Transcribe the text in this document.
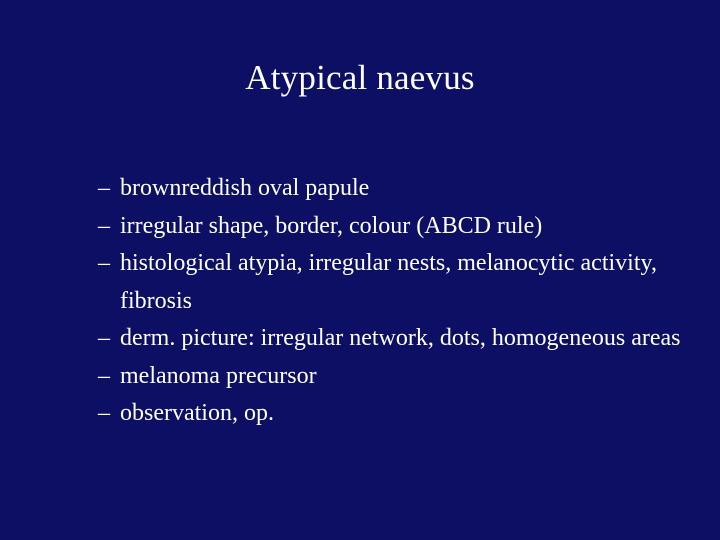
Atypical naevus
– brownreddish oval papule
– irregular shape, border, colour (ABCD rule)
– histological atypia, irregular nests, melanocytic activity, fibrosis
– derm. picture: irregular network, dots, homogeneous areas
– melanoma precursor
– observation, op.
